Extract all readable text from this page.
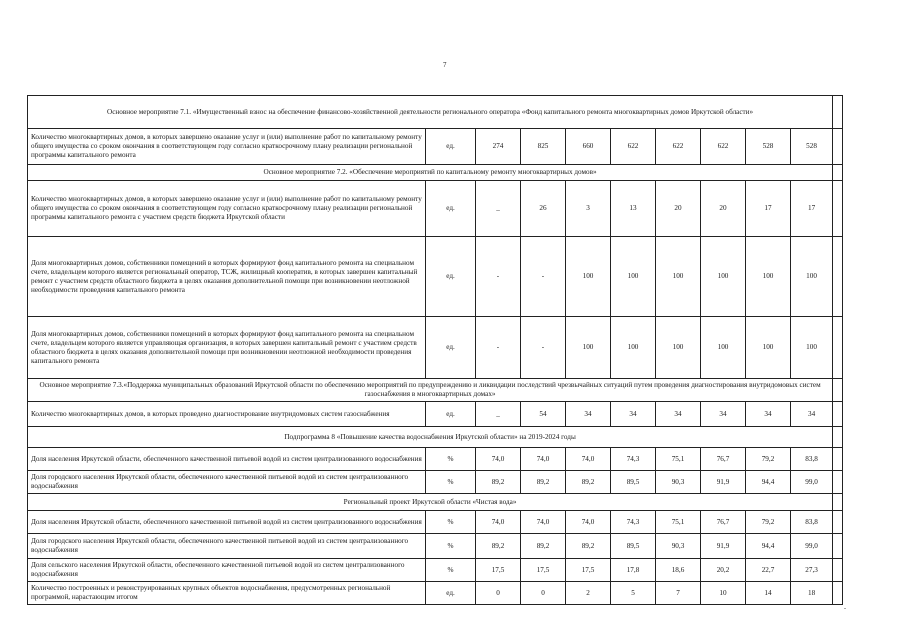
7
Основное мероприятие 7.1. «Имущественный взнос на обеспечение финансово-хозяйственной деятельности регионального оператора «Фонд капитального ремонта многоквартирных домов Иркутской области»										
Количество многоквартирных домов, в которых завершено оказание услуг и (или) выполнение работ по капитальному ремонту общего имущества со сроком окончания в соответствующем году согласно краткосрочному плану реализации региональной программы капитального ремонта	ед.	274	825	660	622	622	622	528	528	
Основное мероприятие 7.2. «Обеспечение мероприятий по капитальному ремонту многоквартирных домов»										
Количество многоквартирных домов, в которых завершено оказание услуг и (или) выполнение работ по капитальному ремонту общего имущества со сроком окончания в соответствующем году согласно краткосрочному плану реализации региональной программы капитального ремонта с участием средств бюджета Иркутской области	ед.	_	26	3	13	20	20	17	17	
Доля многоквартирных домов, собственники помещений в которых формируют фонд капитального ремонта на специальном счете, владельцем которого является региональный оператор, ТСЖ, жилищный кооператив, в которых завершен капитальный ремонт с участием средств областного бюджета в целях оказания дополнительной помощи при возникновении неотложной необходимости проведения капитального ремонта	ед.	-	-	100	100	100	100	100	100	
Доля многоквартирных домов, собственники помещений в которых формируют фонд капитального ремонта на специальном счете, владельцем которого является управляющая организация, в которых завершен капитальный ремонт с участием средств областного бюджета в целях оказания дополнительной помощи при возникновении неотложной необходимости проведения капитального ремонта	ед.	-	-	100	100	100	100	100	100	
Основное мероприятие 7.3.«Поддержка муниципальных образований Иркутской области по обеспечению мероприятий по предупреждению и ликвидации последствий чрезвычайных ситуаций путем проведения диагностирования внутридомовых систем газоснабжения в многоквартирных домах»										
Количество многоквартирных домов, в которых проведено диагностирование внутридомовых систем газоснабжения	ед.	_	54	34	34	34	34	34	34	
Подпрограмма 8 «Повышение качества водоснабжения Иркутской области» на 2019-2024 годы										
Доля населения Иркутской области, обеспеченного качественной питьевой водой из систем централизованного водоснабжения	%	74,0	74,0	74,0	74,3	75,1	76,7	79,2	83,8	
Доля городского населения Иркутской области, обеспеченного качественной питьевой водой из систем централизованного водоснабжения	%	89,2	89,2	89,2	89,5	90,3	91,9	94,4	99,0	
Региональный проект Иркутской области «Чистая вода»										
Доля населения Иркутской области, обеспеченного качественной питьевой водой из систем централизованного водоснабжения	%	74,0	74,0	74,0	74,3	75,1	76,7	79,2	83,8	
Доля городского населения Иркутской области, обеспеченного качественной питьевой водой из систем централизованного водоснабжения	%	89,2	89,2	89,2	89,5	90,3	91,9	94,4	99,0	
Доля сельского населения Иркутской области, обеспеченного качественной питьевой водой из систем централизованного водоснабжения	%	17,5	17,5	17,5	17,8	18,6	20,2	22,7	27,3	
Количество построенных и реконструированных крупных объектов водоснабжения, предусмотренных региональной программой, нарастающим итогом	ед.	0	0	2	5	7	10	14	18	
.
